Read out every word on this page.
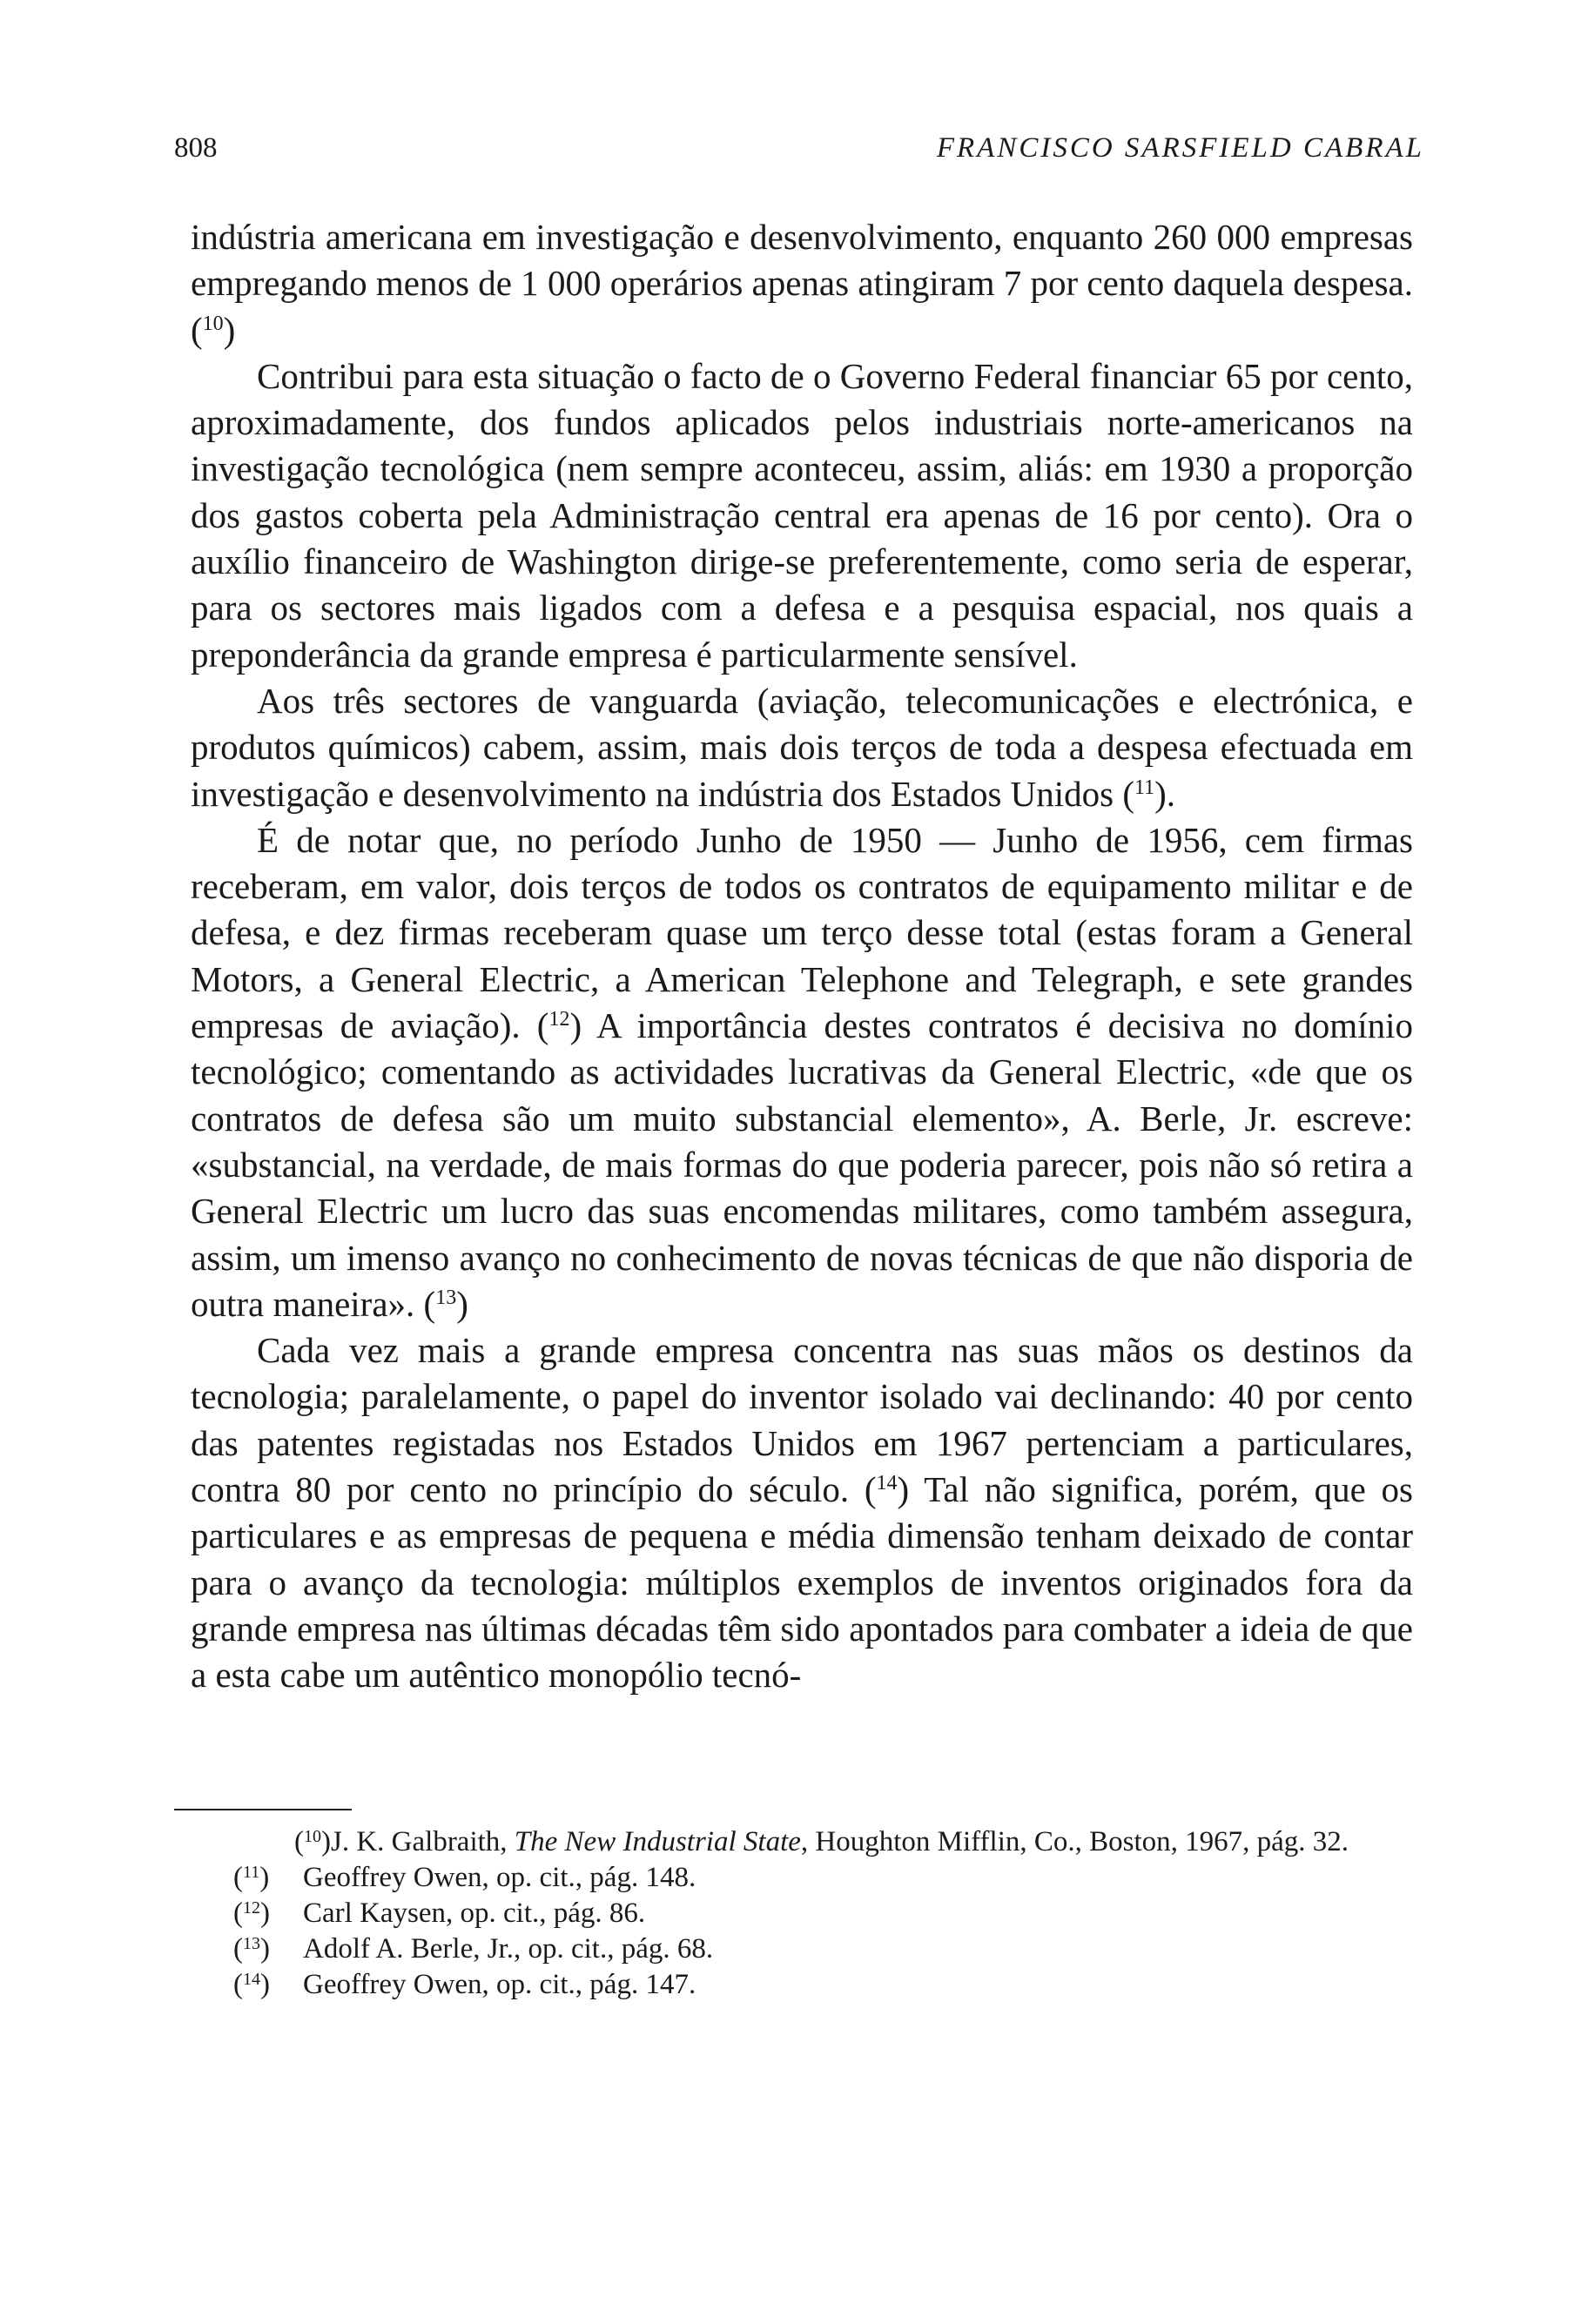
808	FRANCISCO SARSFIELD CABRAL

indústria americana em investigação e desenvolvimento, enquanto 260 000 empresas empregando menos de 1 000 operários apenas atingiram 7 por cento daquela despesa. ($^{10}$)

Contribui para esta situação o facto de o Governo Federal financiar 65 por cento, aproximadamente, dos fundos aplicados pelos industriais norte-americanos na investigação tecnológica (nem sempre aconteceu, assim, aliás: em 1930 a proporção dos gastos coberta pela Administração central era apenas de 16 por cento). Ora o auxílio financeiro de Washington dirige-se preferentemente, como seria de esperar, para os sectores mais ligados com a defesa e a pesquisa espacial, nos quais a preponderância da grande empresa é particularmente sensível.

Aos três sectores de vanguarda (aviação, telecomunicações e electrónica, e produtos químicos) cabem, assim, mais dois terços de toda a despesa efectuada em investigação e desenvolvimento na indústria dos Estados Unidos ($^{11}$).

É de notar que, no período Junho de 1950 — Junho de 1956, cem firmas receberam, em valor, dois terços de todos os contratos de equipamento militar e de defesa, e dez firmas receberam quase um terço desse total (estas foram a General Motors, a General Electric, a American Telephone and Telegraph, e sete grandes empresas de aviação). ($^{12}$) A importância destes contratos é decisiva no domínio tecnológico; comentando as actividades lucrativas da General Electric, «de que os contratos de defesa são um muito substancial elemento», A. Berle, Jr. escreve: «substancial, na verdade, de mais formas do que poderia parecer, pois não só retira a General Electric um lucro das suas encomendas militares, como também assegura, assim, um imenso avanço no conhecimento de novas técnicas de que não disporia de outra maneira». ($^{13}$)

Cada vez mais a grande empresa concentra nas suas mãos os destinos da tecnologia; paralelamente, o papel do inventor isolado vai declinando: 40 por cento das patentes registadas nos Estados Unidos em 1967 pertenciam a particulares, contra 80 por cento no princípio do século. ($^{14}$) Tal não significa, porém, que os particulares e as empresas de pequena e média dimensão tenham deixado de contar para o avanço da tecnologia: múltiplos exemplos de inventos originados fora da grande empresa nas últimas décadas têm sido apontados para combater a ideia de que a esta cabe um autêntico monopólio tecnó-

($^{10}$)J. K. Galbraith, The New Industrial State, Houghton Mifflin, Co., Boston, 1967, pág. 32.

($^{11}$) Geoffrey Owen, op. cit., pág. 148.

($^{12}$) Carl Kaysen, op. cit., pág. 86.

($^{13}$) Adolf A. Berle, Jr., op. cit., pág. 68.

($^{14}$) Geoffrey Owen, op. cit., pág. 147.
